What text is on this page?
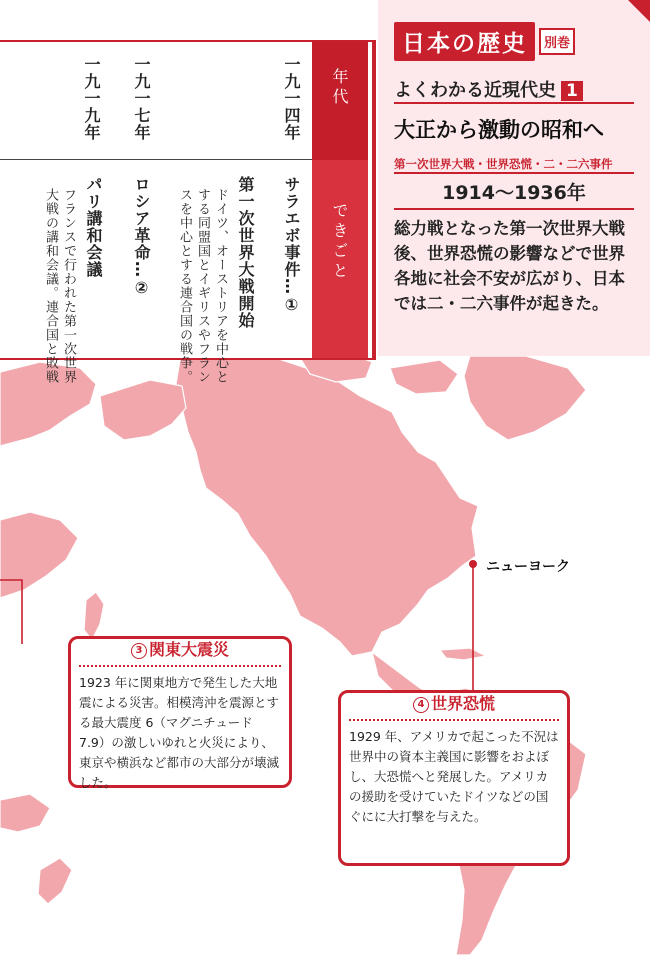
年代
できごと
一九一四年
サラエボ事件…①
第一次世界大戦開始
ドイツ、オーストリアを中心と
する同盟国とイギリスやフラン
スを中心とする連合国の戦争。
一九一七年
ロシア革命…②
一九一九年
パリ講和会議
フランスで行われた第一次世界
大戦の講和会議。連合国と敗戦
日本の歴史	別巻
よくわかる近現代史 1
大正から激動の昭和へ
第一次世界大戦・世界恐慌・二・二六事件
1914〜1936年
総力戦となった第一次世界大戦後、世界恐慌の影響などで世界各地に社会不安が広がり、日本では二・二六事件が起きた。
ニューヨーク
3 関東大震災
1923 年に関東地方で発生した大地震による災害。相模湾沖を震源とする最大震度 6（マグニチュード 7.9）の激しいゆれと火災により、東京や横浜など都市の大部分が壊滅した。
4 世界恐慌
1929 年、アメリカで起こった不況は世界中の資本主義国に影響をおよぼし、大恐慌へと発展した。アメリカの援助を受けていたドイツなどの国ぐにに大打撃を与えた。
